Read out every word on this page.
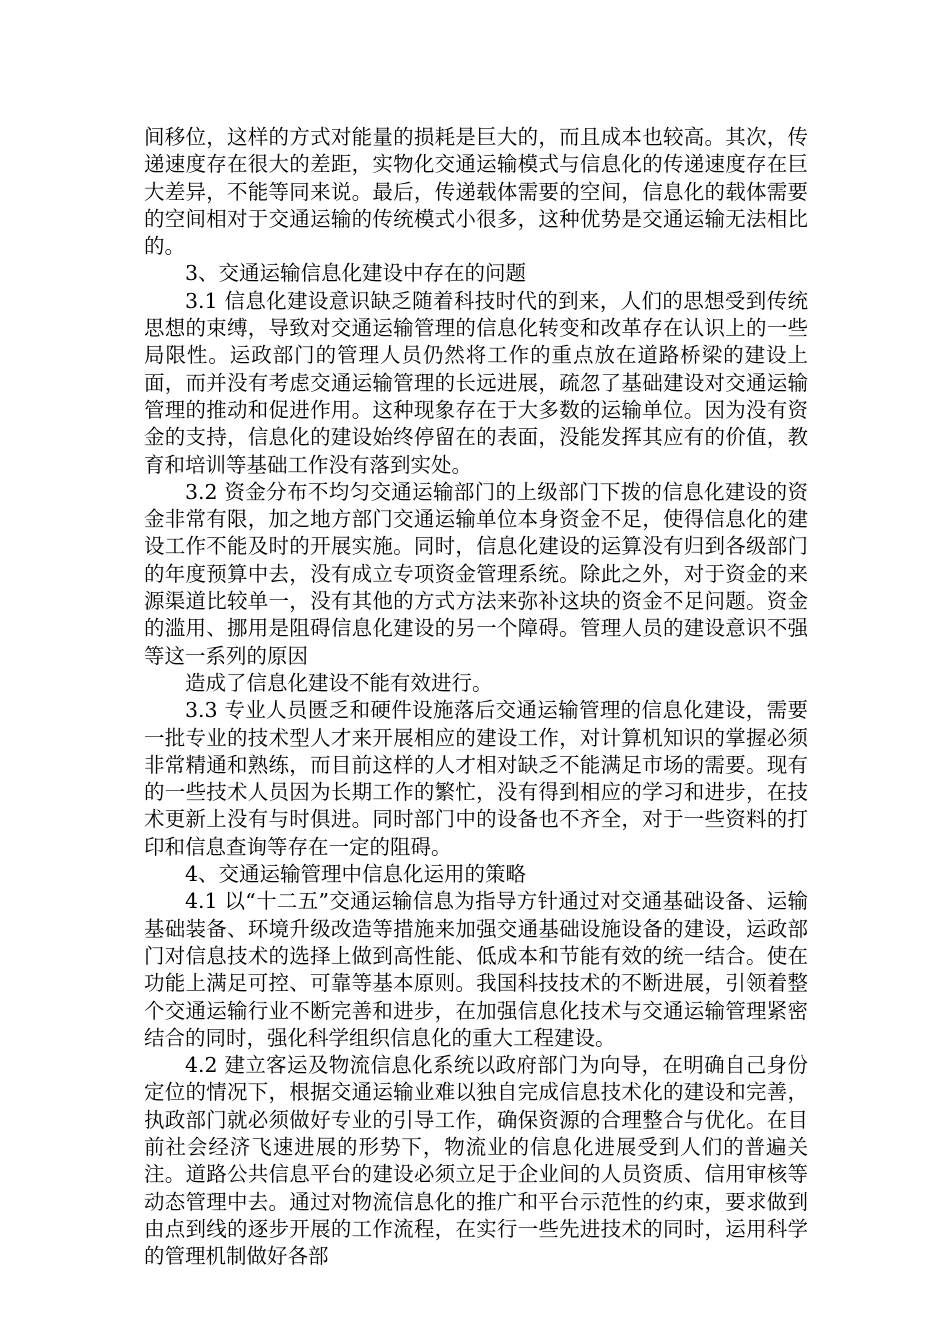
间移位，这样的方式对能量的损耗是巨大的，而且成本也较高。其次，传递速度存在很大的差距，实物化交通运输模式与信息化的传递速度存在巨大差异，不能等同来说。最后，传递载体需要的空间，信息化的载体需要的空间相对于交通运输的传统模式小很多，这种优势是交通运输无法相比的。

3、交通运输信息化建设中存在的问题

3.1 信息化建设意识缺乏随着科技时代的到来，人们的思想受到传统思想的束缚，导致对交通运输管理的信息化转变和改革存在认识上的一些局限性。运政部门的管理人员仍然将工作的重点放在道路桥梁的建设上面，而并没有考虑交通运输管理的长远进展，疏忽了基础建设对交通运输管理的推动和促进作用。这种现象存在于大多数的运输单位。因为没有资金的支持，信息化的建设始终停留在的表面，没能发挥其应有的价值，教育和培训等基础工作没有落到实处。

3.2 资金分布不均匀交通运输部门的上级部门下拨的信息化建设的资金非常有限，加之地方部门交通运输单位本身资金不足，使得信息化的建设工作不能及时的开展实施。同时，信息化建设的运算没有归到各级部门的年度预算中去，没有成立专项资金管理系统。除此之外，对于资金的来源渠道比较单一，没有其他的方式方法来弥补这块的资金不足问题。资金的滥用、挪用是阻碍信息化建设的另一个障碍。管理人员的建设意识不强等这一系列的原因

造成了信息化建设不能有效进行。

3.3 专业人员匮乏和硬件设施落后交通运输管理的信息化建设，需要一批专业的技术型人才来开展相应的建设工作，对计算机知识的掌握必须非常精通和熟练，而目前这样的人才相对缺乏不能满足市场的需要。现有的一些技术人员因为长期工作的繁忙，没有得到相应的学习和进步，在技术更新上没有与时俱进。同时部门中的设备也不齐全，对于一些资料的打印和信息查询等存在一定的阻碍。

4、交通运输管理中信息化运用的策略

4.1 以“十二五”交通运输信息为指导方针通过对交通基础设备、运输基础装备、环境升级改造等措施来加强交通基础设施设备的建设，运政部门对信息技术的选择上做到高性能、低成本和节能有效的统一结合。使在功能上满足可控、可靠等基本原则。我国科技技术的不断进展，引领着整个交通运输行业不断完善和进步，在加强信息化技术与交通运输管理紧密结合的同时，强化科学组织信息化的重大工程建设。

4.2 建立客运及物流信息化系统以政府部门为向导，在明确自己身份定位的情况下，根据交通运输业难以独自完成信息技术化的建设和完善，执政部门就必须做好专业的引导工作，确保资源的合理整合与优化。在目前社会经济飞速进展的形势下，物流业的信息化进展受到人们的普遍关注。道路公共信息平台的建设必须立足于企业间的人员资质、信用审核等动态管理中去。通过对物流信息化的推广和平台示范性的约束，要求做到由点到线的逐步开展的工作流程，在实行一些先进技术的同时，运用科学的管理机制做好各部
